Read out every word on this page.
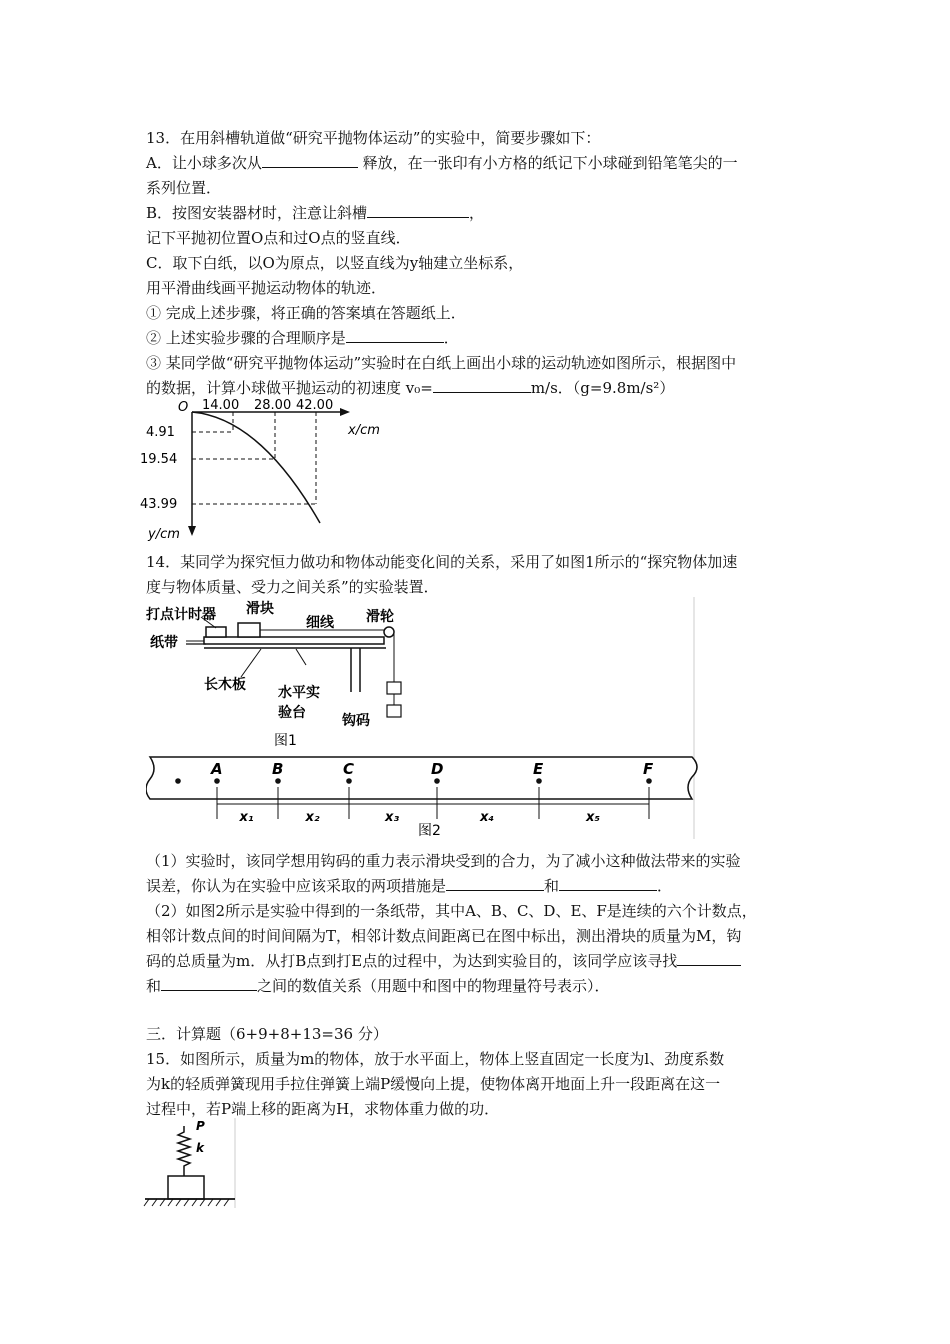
13．在用斜槽轨道做“研究平抛物体运动”的实验中，简要步骤如下：
A．让小球多次从	释放，在一张印有小方格的纸记下小球碰到铅笔笔尖的一
系列位置．
B．按图安装器材时，注意让斜槽	，
记下平抛初位置O点和过O点的竖直线．
C．取下白纸，以O为原点，以竖直线为y轴建立坐标系，
用平滑曲线画平抛运动物体的轨迹．
① 完成上述步骤，将正确的答案填在答题纸上．
② 上述实验步骤的合理顺序是	．
③ 某同学做“研究平抛物体运动”实验时在白纸上画出小球的运动轨迹如图所示，根据图中
的数据，计算小球做平抛运动的初速度 v₀=	m/s．（g=9.8m/s²）
O 14.00 28.00 42.00
x/cm
4.91
19.54
43.99
y/cm
14．某同学为探究恒力做功和物体动能变化间的关系，采用了如图1所示的“探究物体加速
度与物体质量、受力之间关系”的实验装置．
打点计时器 滑块
细线 滑轮
纸带
长木板 水平实
验台	钩码
图1
A	B	C	D	E	F
x₁	x₂	x₃	x₄	x₅
图2
（1）实验时，该同学想用钩码的重力表示滑块受到的合力，为了减小这种做法带来的实验
误差，你认为在实验中应该采取的两项措施是	和	．
（2）如图2所示是实验中得到的一条纸带，其中A、B、C、D、E、F是连续的六个计数点，
相邻计数点间的时间间隔为T，相邻计数点间距离已在图中标出，测出滑块的质量为M，钩
码的总质量为m．从打B点到打E点的过程中，为达到实验目的，该同学应该寻找
和	之间的数值关系（用题中和图中的物理量符号表示）．
三．计算题（6+9+8+13=36 分）
15．如图所示，质量为m的物体，放于水平面上，物体上竖直固定一长度为l、劲度系数
为k的轻质弹簧现用手拉住弹簧上端P缓慢向上提，使物体离开地面上升一段距离在这一
过程中，若P端上移的距离为H，求物体重力做的功．
P
k
